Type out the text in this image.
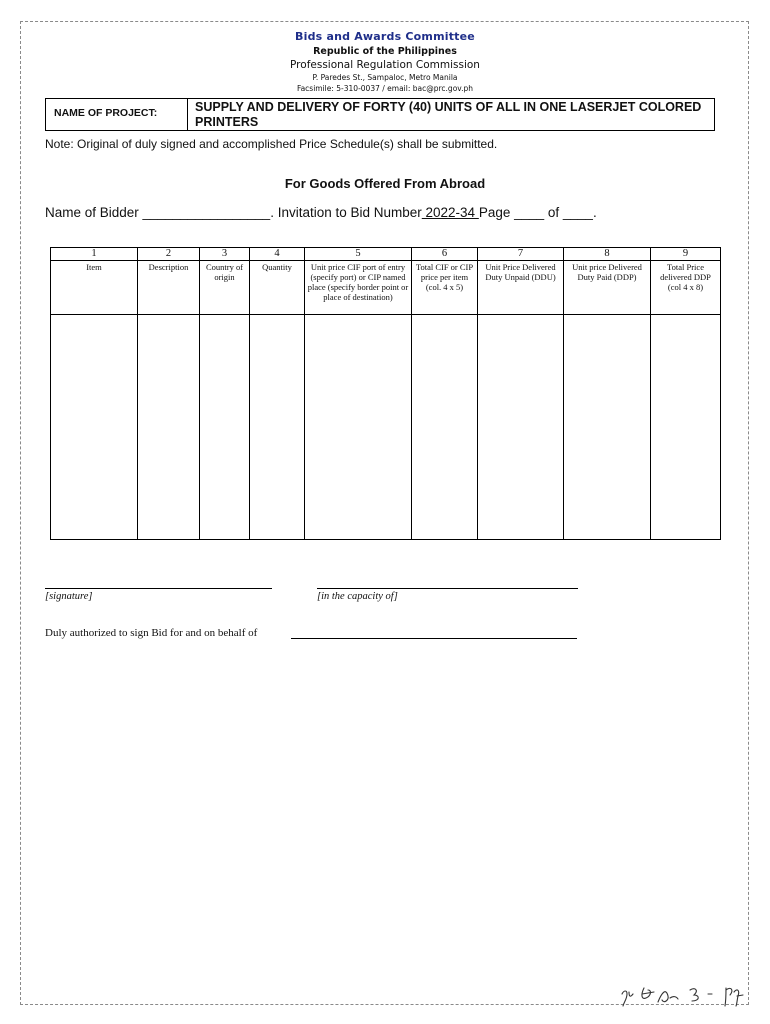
Bids and Awards Committee
Republic of the Philippines
Professional Regulation Commission
P. Paredes St., Sampaloc, Metro Manila
Facsimile: 5-310-0037 / email: bac@prc.gov.ph
NAME OF PROJECT:	SUPPLY AND DELIVERY OF FORTY (40) UNITS OF ALL IN ONE LASERJET COLORED PRINTERS
Note: Original of duly signed and accomplished Price Schedule(s) shall be submitted.
For Goods Offered From Abroad
Name of Bidder _________________. Invitation to Bid Number 2022-34 Page ____ of ____.
1	2	3	4	5	6	7	8	9
Item	Description	Country of origin	Quantity	Unit price CIF port of entry (specify port) or CIP named place (specify border point or place of destination)	Total CIF or CIP price per item (col. 4 x 5)	Unit Price Delivered Duty Unpaid (DDU)	Unit price Delivered Duty Paid (DDP)	Total Price delivered DDP (col 4 x 8)

[signature]	[in the capacity of]
Duly authorized to sign Bid for and on behalf of
